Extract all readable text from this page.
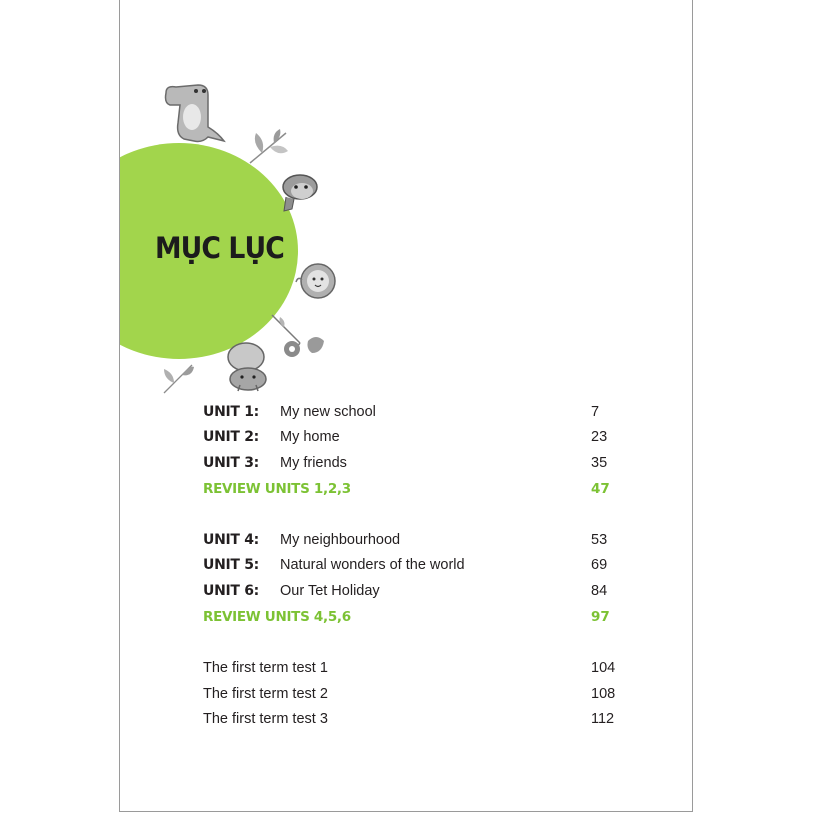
MỤC LỤC
UNIT 1: My new school	7
UNIT 2: My home	23
UNIT 3: My friends	35
REVIEW UNITS 1,2,3	47
UNIT 4: My neighbourhood	53
UNIT 5: Natural wonders of the world	69
UNIT 6: Our Tet Holiday	84
REVIEW UNITS 4,5,6	97
The first term test 1	104
The first term test 2	108
The first term test 3	112
